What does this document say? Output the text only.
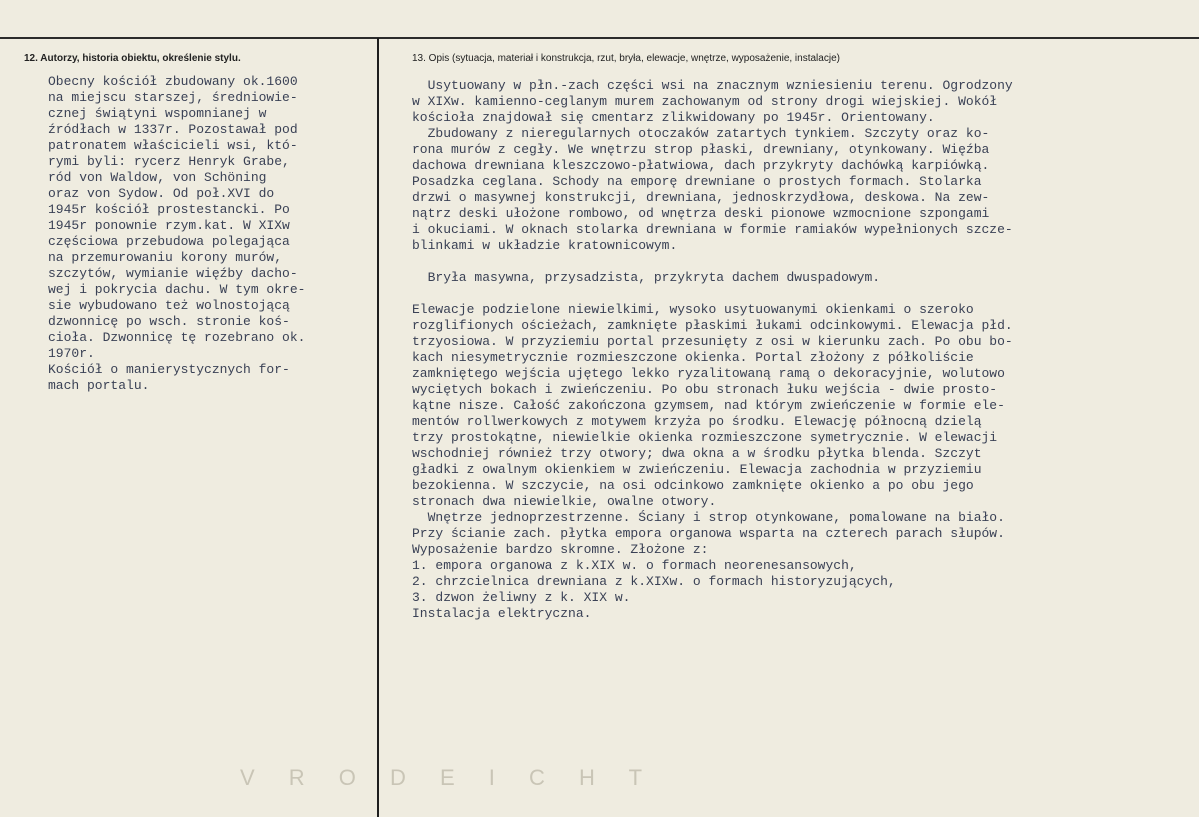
12. Autorzy, historia obiektu, określenie stylu.	13. Opis (sytuacja, materiał i konstrukcja, rzut, bryła, elewacje, wnętrze, wyposażenie, instalacje)
Obecny kościół zbudowany ok.1600
na miejscu starszej, średniowie-
cznej świątyni wspomnianej w
źródłach w 1337r. Pozostawał pod
patronatem właścicieli wsi, któ-
rymi byli: rycerz Henryk Grabe,
ród von Waldow, von Schöning
oraz von Sydow. Od poł.XVI do
1945r kościół prostestancki. Po
1945r ponownie rzym.kat. W XIXw
częściowa przebudowa polegająca
na przemurowaniu korony murów,
szczytów, wymianie więźby dacho-
wej i pokrycia dachu. W tym okre-
sie wybudowano też wolnostojącą
dzwonnicę po wsch. stronie koś-
cioła. Dzwonnicę tę rozebrano ok.
1970r.
Kościół o manierystycznych for-
mach portalu.
Usytuowany w płn.-zach części wsi na znacznym wzniesieniu terenu. Ogrodzony
w XIXw. kamienno-ceglanym murem zachowanym od strony drogi wiejskiej. Wokół
kościoła znajdował się cmentarz zlikwidowany po 1945r. Orientowany.
Zbudowany z nieregularnych otoczaków zatartych tynkiem. Szczyty oraz ko-
rona murów z cegły. We wnętrzu strop płaski, drewniany, otynkowany. Więźba
dachowa drewniana kleszczowo-płatwiowa, dach przykryty dachówką karpiówką.
Posadzka ceglana. Schody na emporę drewniane o prostych formach. Stolarka
drzwi o masywnej konstrukcji, drewniana, jednoskrzydłowa, deskowa. Na zew-
nątrz deski ułożone rombowo, od wnętrza deski pionowe wzmocnione szpongami
i okuciami. W oknach stolarka drewniana w formie ramiaków wypełnionych szcze-
blinkami w układzie kratownicowym.

Bryła masywna, przysadzista, przykryta dachem dwuspadowym.

Elewacje podzielone niewielkimi, wysoko usytuowanymi okienkami o szeroko
rozglifionych ościeżach, zamknięte płaskimi łukami odcinkowymi. Elewacja płd.
trzyosiowa. W przyziemiu portal przesunięty z osi w kierunku zach. Po obu bo-
kach niesymetrycznie rozmieszczone okienka. Portal złożony z półkoliście
zamkniętego wejścia ujętego lekko ryzalitowaną ramą o dekoracyjnie, wolutowo
wyciętych bokach i zwieńczeniu. Po obu stronach łuku wejścia - dwie prosto-
kątne nisze. Całość zakończona gzymsem, nad którym zwieńczenie w formie ele-
mentów rollwerkowych z motywem krzyża po środku. Elewację północną dzielą
trzy prostokątne, niewielkie okienka rozmieszczone symetrycznie. W elewacji
wschodniej również trzy otwory; dwa okna a w środku płytka blenda. Szczyt
gładki z owalnym okienkiem w zwieńczeniu. Elewacja zachodnia w przyziemiu
bezokienna. W szczycie, na osi odcinkowo zamknięte okienko a po obu jego
stronach dwa niewielkie, owalne otwory.
Wnętrze jednoprzestrzenne. Ściany i strop otynkowane, pomalowane na biało.
Przy ścianie zach. płytka empora organowa wsparta na czterech parach słupów.
Wyposażenie bardzo skromne. Złożone z:
1. empora organowa z k.XIX w. o formach neorenesansowych,
2. chrzcielnica drewniana z k.XIXw. o formach historyzujących,
3. dzwon żeliwny z k. XIX w.
Instalacja elektryczna.
V R O D E I C H T
